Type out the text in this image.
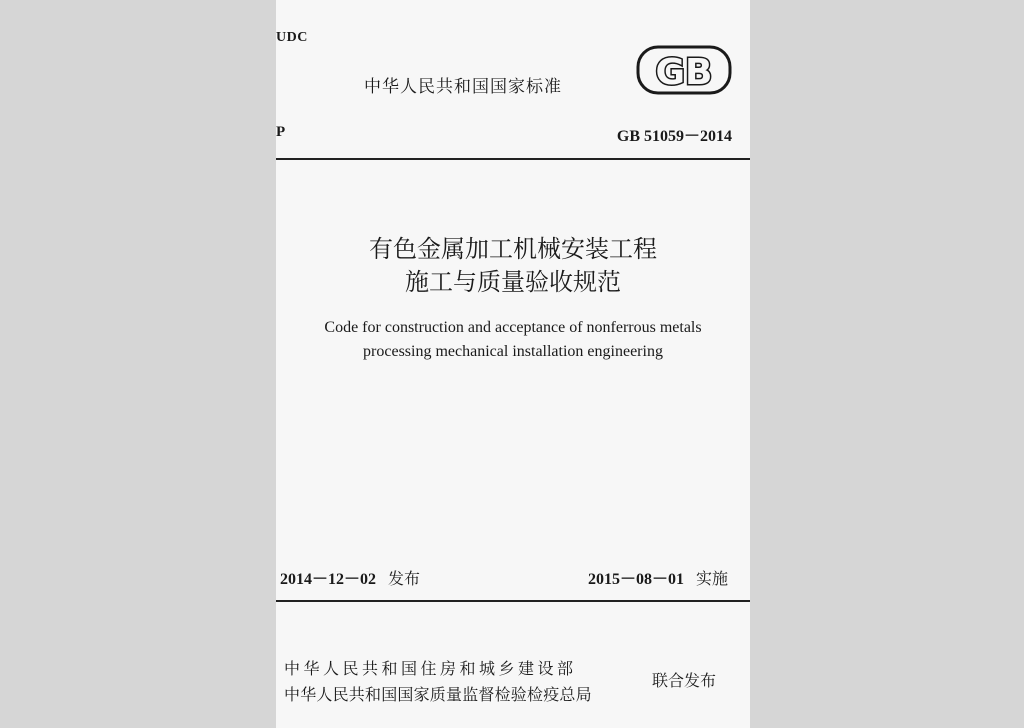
UDC
中华人民共和国国家标准	GB
P	GB 51059－2014
有色金属加工机械安装工程
施工与质量验收规范
Code for construction and acceptance of nonferrous metals
processing mechanical installation engineering
2014－12－02 发布	2015－08－01 实施
中华人民共和国住房和城乡建设部
中华人民共和国国家质量监督检验检疫总局
联合发布
